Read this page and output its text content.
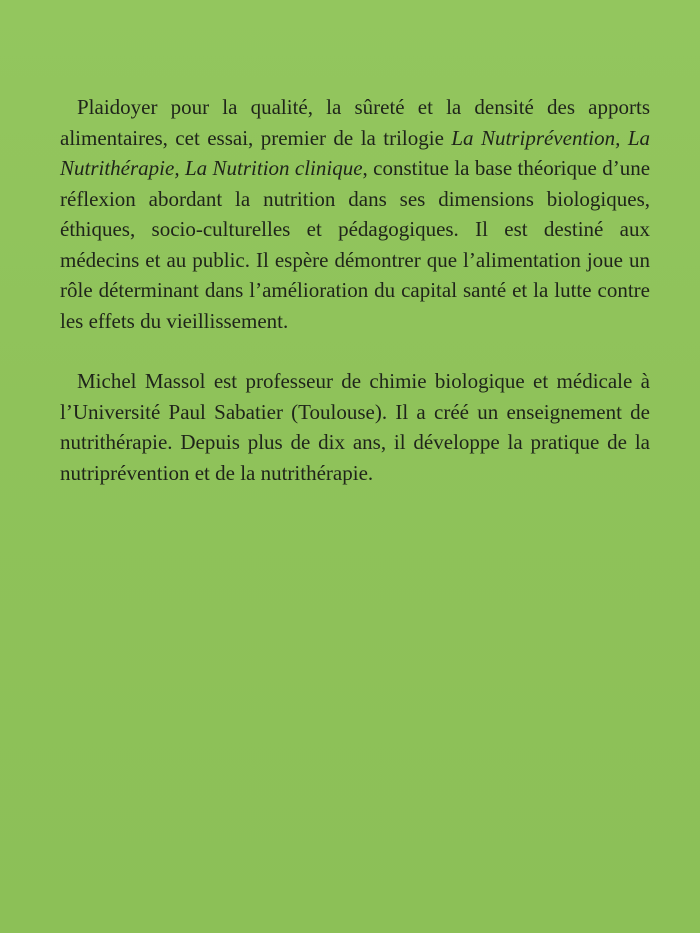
Plaidoyer pour la qualité, la sûreté et la densité des apports alimentaires, cet essai, premier de la trilogie La Nutriprévention, La Nutrithérapie, La Nutrition clinique, constitue la base théorique d’une réflexion abordant la nutrition dans ses dimensions biologiques, éthiques, socio-culturelles et pédagogiques. Il est destiné aux médecins et au public. Il espère démontrer que l’alimentation joue un rôle déterminant dans l’amélioration du capital santé et la lutte contre les effets du vieillissement.

Michel Massol est professeur de chimie biologique et médicale à l’Université Paul Sabatier (Toulouse). Il a créé un enseignement de nutrithérapie. Depuis plus de dix ans, il développe la pratique de la nutriprévention et de la nutrithérapie.
